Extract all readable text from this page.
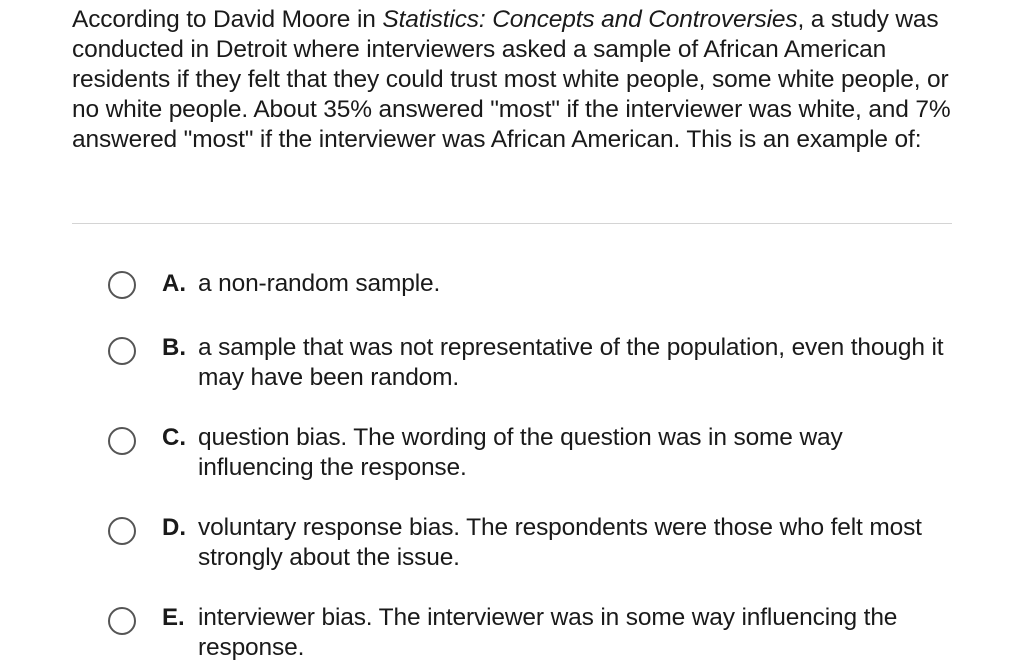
According to David Moore in Statistics: Concepts and Controversies, a study was conducted in Detroit where interviewers asked a sample of African American residents if they felt that they could trust most white people, some white people, or no white people. About 35% answered "most" if the interviewer was white, and 7% answered "most" if the interviewer was African American. This is an example of:
A. a non-random sample.
B. a sample that was not representative of the population, even though it may have been random.
C. question bias. The wording of the question was in some way influencing the response.
D. voluntary response bias. The respondents were those who felt most strongly about the issue.
E. interviewer bias. The interviewer was in some way influencing the response.
